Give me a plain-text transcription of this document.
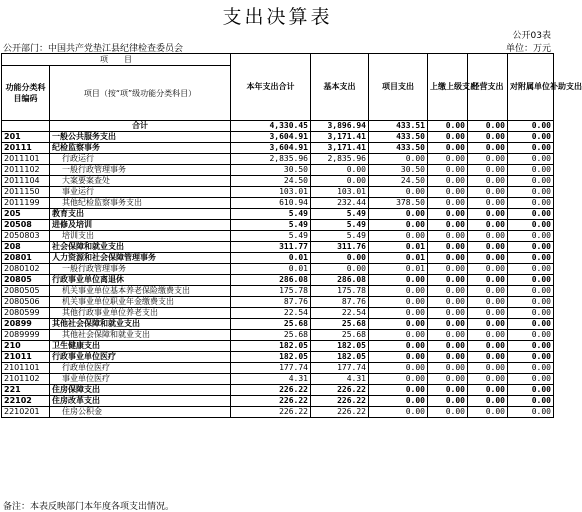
支出决算表
公开03表
公开部门：中国共产党垫江县纪律检查委员会	单位：万元
项　　目		本年支出合计	基本支出	项目支出	上缴上级支出	经营支出	对附属单位补助支出
功能分类科目编码	项目（按“项”级功能分类科目）						
	合计	4,330.45	3,896.94	433.51	0.00	0.00	0.00
201	一般公共服务支出	3,604.91	3,171.41	433.50	0.00	0.00	0.00
20111	纪检监察事务	3,604.91	3,171.41	433.50	0.00	0.00	0.00
2011101	行政运行	2,835.96	2,835.96	0.00	0.00	0.00	0.00
2011102	一般行政管理事务	30.50	0.00	30.50	0.00	0.00	0.00
2011104	大案要案查处	24.50	0.00	24.50	0.00	0.00	0.00
2011150	事业运行	103.01	103.01	0.00	0.00	0.00	0.00
2011199	其他纪检监察事务支出	610.94	232.44	378.50	0.00	0.00	0.00
205	教育支出	5.49	5.49	0.00	0.00	0.00	0.00
20508	进修及培训	5.49	5.49	0.00	0.00	0.00	0.00
2050803	培训支出	5.49	5.49	0.00	0.00	0.00	0.00
208	社会保障和就业支出	311.77	311.76	0.01	0.00	0.00	0.00
20801	人力资源和社会保障管理事务	0.01	0.00	0.01	0.00	0.00	0.00
2080102	一般行政管理事务	0.01	0.00	0.01	0.00	0.00	0.00
20805	行政事业单位离退休	286.08	286.08	0.00	0.00	0.00	0.00
2080505	机关事业单位基本养老保险缴费支出	175.78	175.78	0.00	0.00	0.00	0.00
2080506	机关事业单位职业年金缴费支出	87.76	87.76	0.00	0.00	0.00	0.00
2080599	其他行政事业单位养老支出	22.54	22.54	0.00	0.00	0.00	0.00
20899	其他社会保障和就业支出	25.68	25.68	0.00	0.00	0.00	0.00
2089999	其他社会保障和就业支出	25.68	25.68	0.00	0.00	0.00	0.00
210	卫生健康支出	182.05	182.05	0.00	0.00	0.00	0.00
21011	行政事业单位医疗	182.05	182.05	0.00	0.00	0.00	0.00
2101101	行政单位医疗	177.74	177.74	0.00	0.00	0.00	0.00
2101102	事业单位医疗	4.31	4.31	0.00	0.00	0.00	0.00
221	住房保障支出	226.22	226.22	0.00	0.00	0.00	0.00
22102	住房改革支出	226.22	226.22	0.00	0.00	0.00	0.00
2210201	住房公积金	226.22	226.22	0.00	0.00	0.00	0.00
备注：本表反映部门本年度各项支出情况。
